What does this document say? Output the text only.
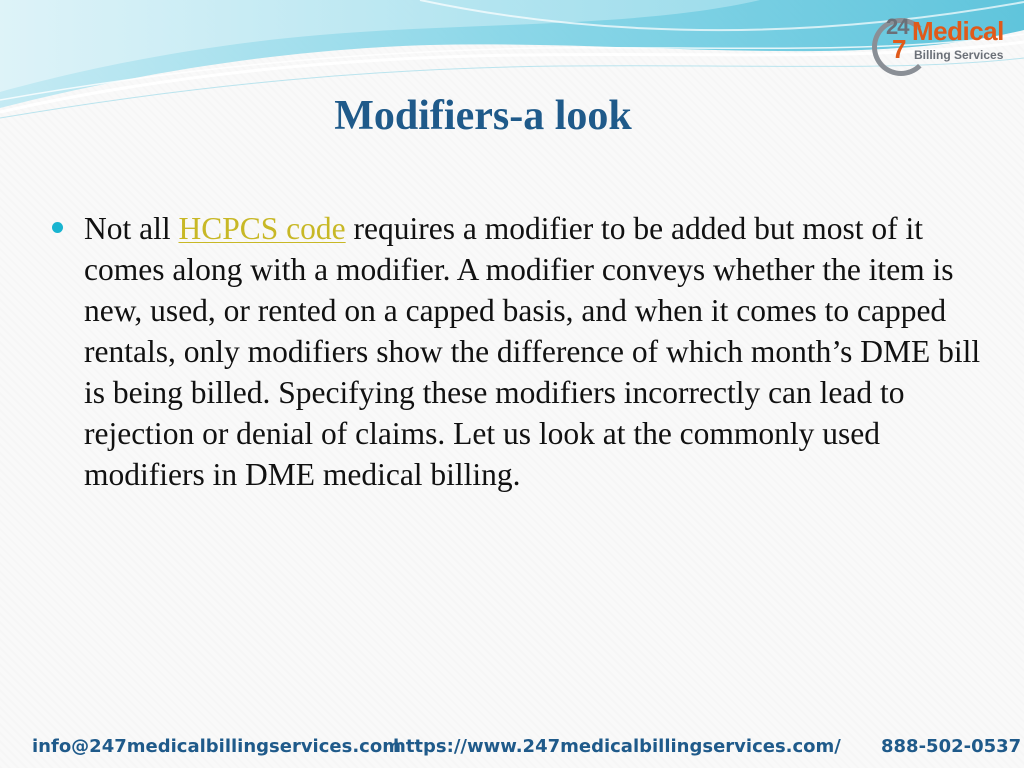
24
7
Medical
Billing Services
Modifiers-a look

Not all HCPCS code requires a modifier to be added but most of it comes along with a modifier. A modifier conveys whether the item is new, used, or rented on a capped basis, and when it comes to capped rentals, only modifiers show the difference of which month’s DME bill is being billed. Specifying these modifiers incorrectly can lead to rejection or denial of claims. Let us look at the commonly used modifiers in DME medical billing.

info@247medicalbillingservices.com
https://www.247medicalbillingservices.com/ 888-502-0537
